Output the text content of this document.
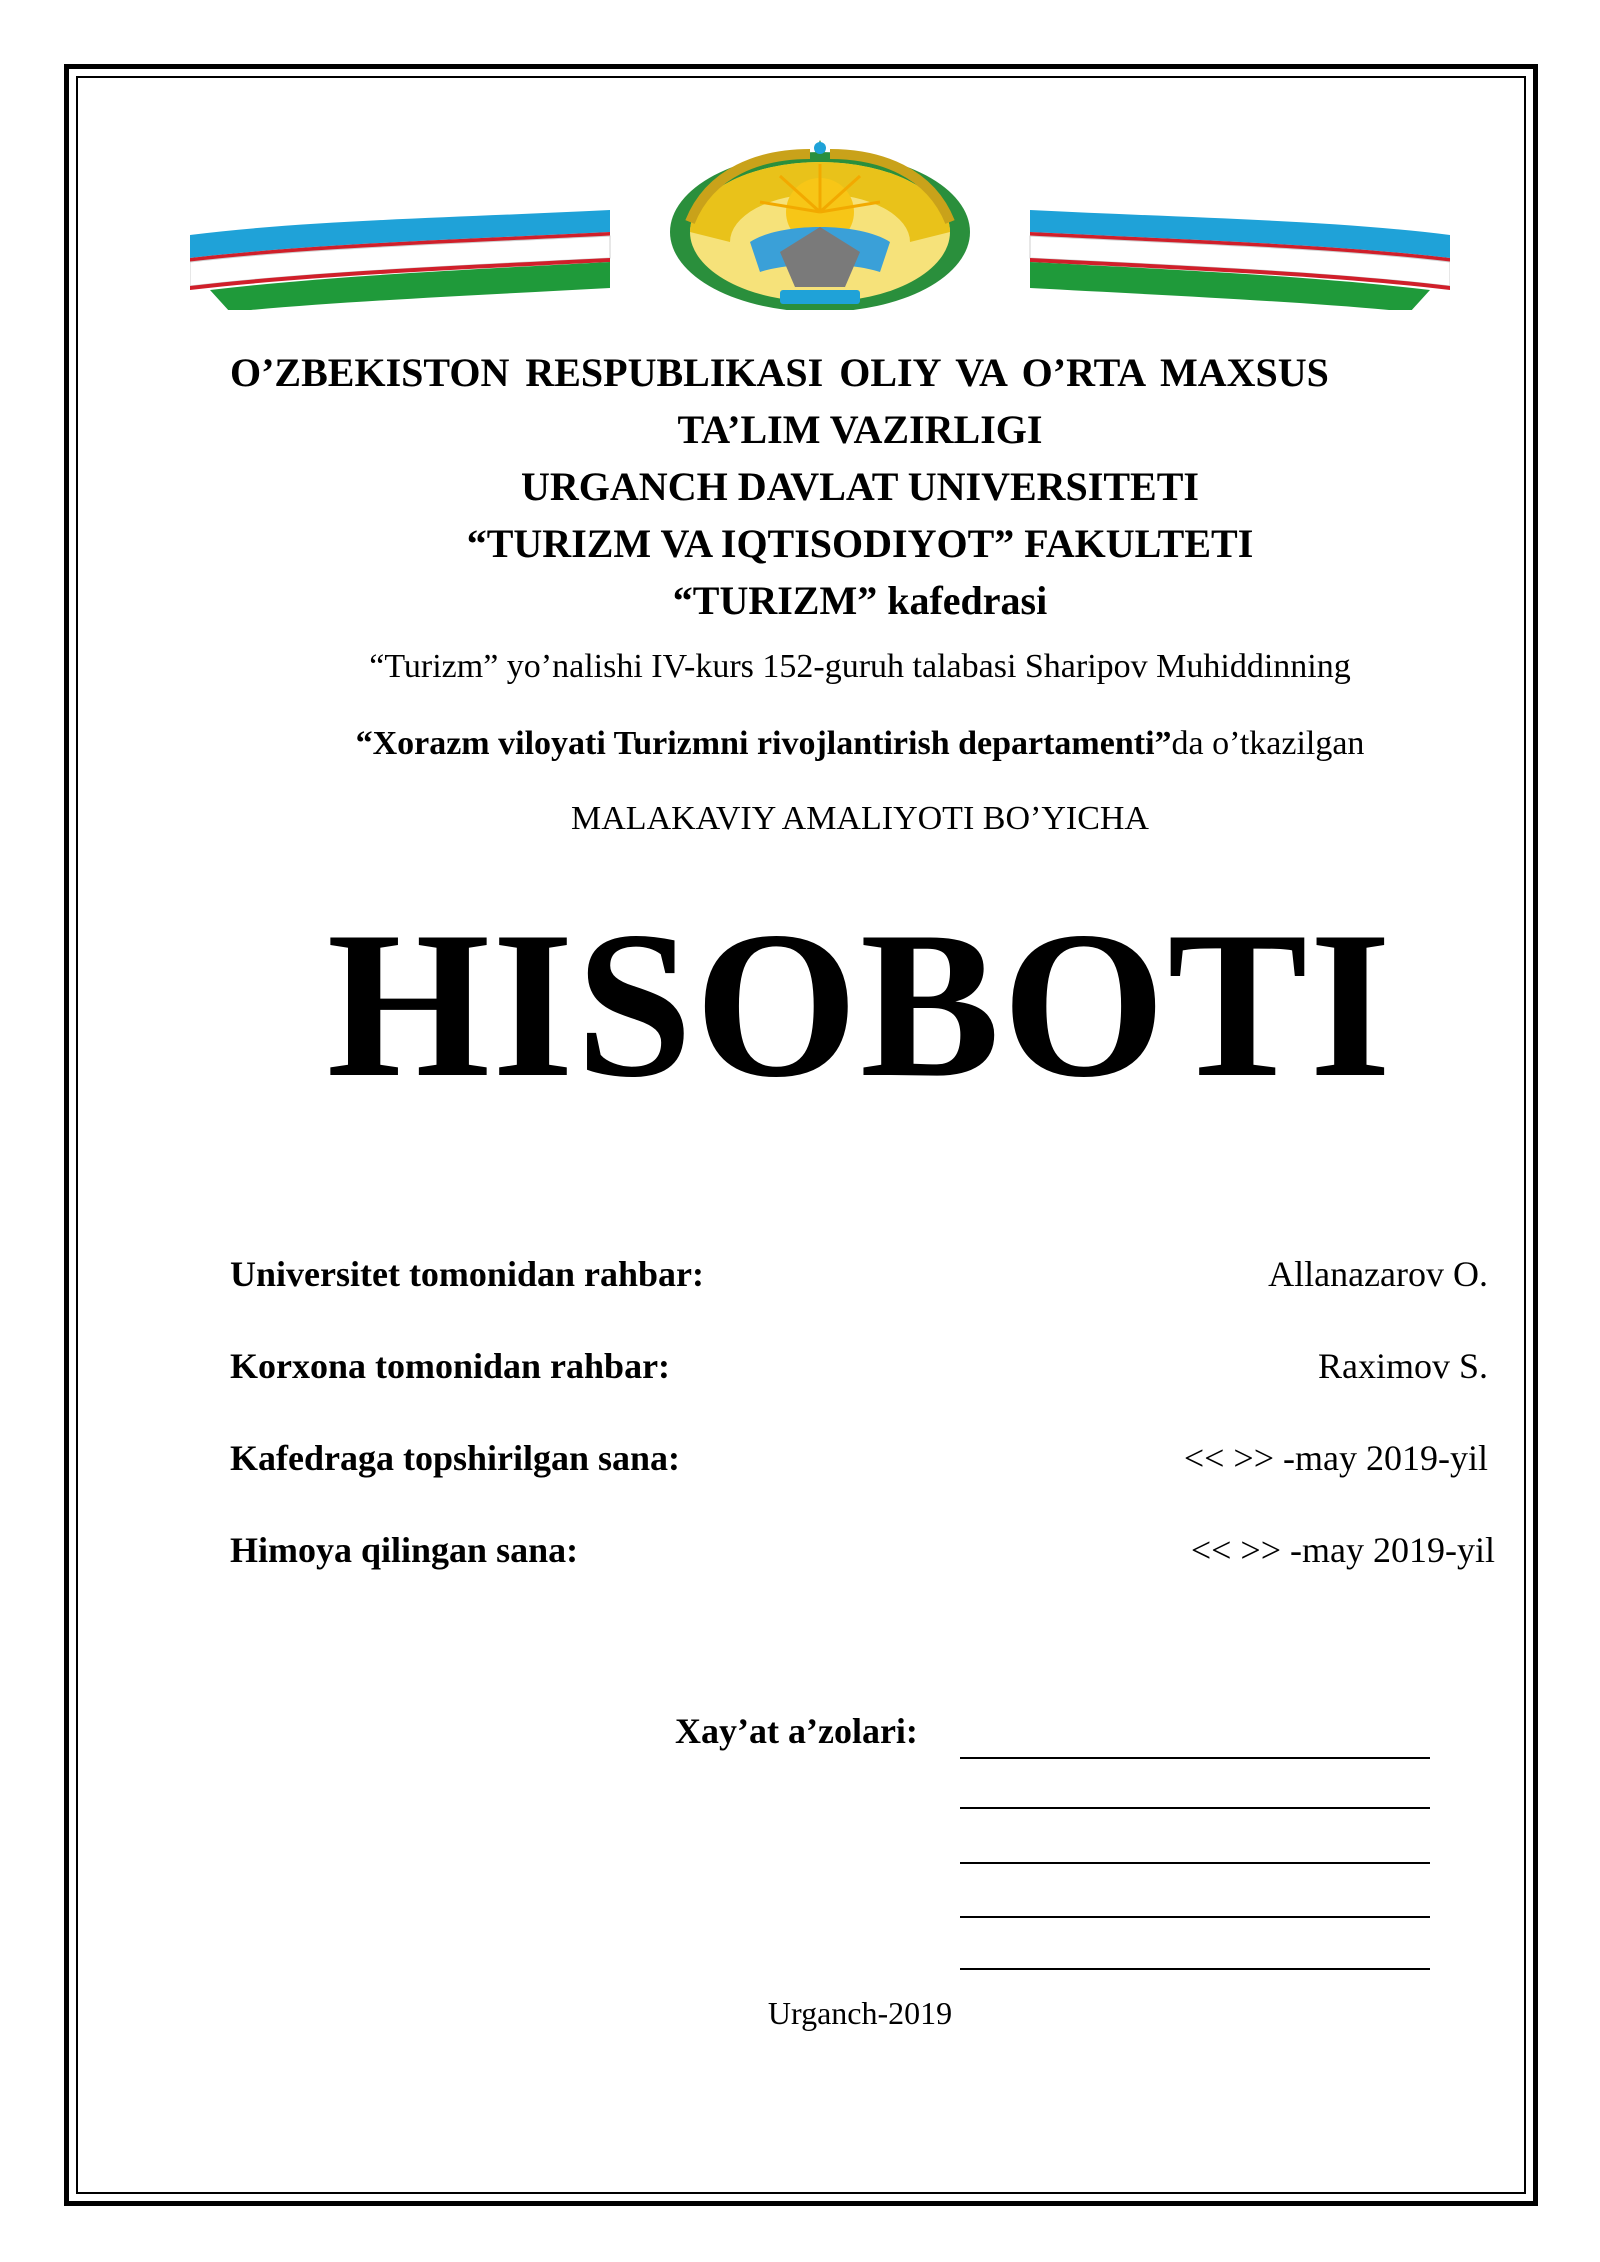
O’ZBEKISTON RESPUBLIKASI OLIY VA O’RTA MAXSUS
TA’LIM VAZIRLIGI
URGANCH DAVLAT UNIVERSITETI
“TURIZM VA IQTISODIYOT” FAKULTETI
“TURIZM” kafedrasi
“Turizm” yo’nalishi IV-kurs 152-guruh talabasi Sharipov Muhiddinning
“Xorazm viloyati Turizmni rivojlantirish departamenti”da o’tkazilgan
MALAKAVIY AMALIYOTI BO’YICHA
HISOBOTI
Universitet tomonidan rahbar:	Allanazarov O.
Korxona tomonidan rahbar:	Raximov S.
Kafedraga topshirilgan sana:	<< >> -may 2019-yil
Himoya qilingan sana:	<< >> -may 2019-yil
Xay’at a’zolari:
Urganch-2019
